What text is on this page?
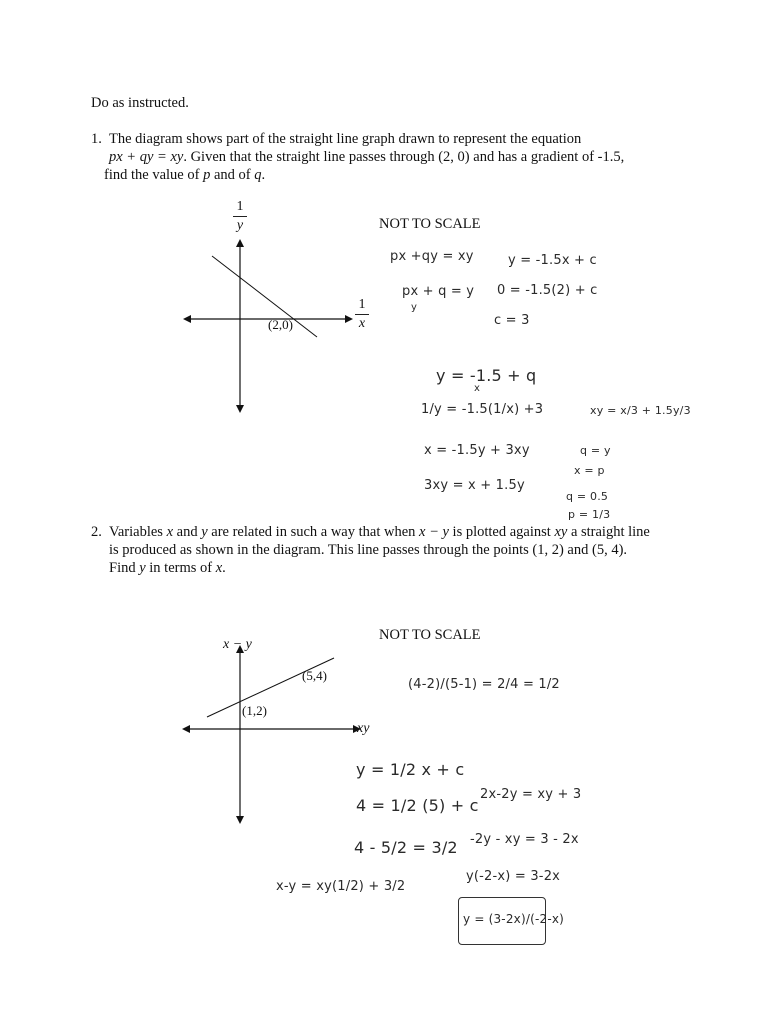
Do as instructed.
1. The diagram shows part of the straight line graph drawn to represent the equation
px + qy = xy. Given that the straight line passes through (2, 0) and has a gradient of -1.5,
find the value of p and of q.
1
y
1
x
(2,0)
NOT TO SCALE
px +qy = xy	y = -1.5x + c
px + q = y
y
0 = -1.5(2) + c
c = 3
y = -1.5 + q
x
1/y = -1.5(1/x) +3
x = -1.5y + 3xy
3xy = x + 1.5y
xy = x/3 + 1.5y/3
q = y
x = p
q = 0.5
p = 1/3
2. Variables x and y are related in such a way that when x − y is plotted against xy a straight line
is produced as shown in the diagram. This line passes through the points (1, 2) and (5, 4).
Find y in terms of x.
x − y
xy
(5,4)
(1,2)
NOT TO SCALE
(4-2)/(5-1) = 2/4 = 1/2
y = 1/2 x + c
4 = 1/2 (5) + c
4 - 5/2 = 3/2
x-y = xy(1/2) + 3/2
2x-2y = xy + 3
-2y - xy = 3 - 2x
y(-2-x) = 3-2x
y = (3-2x)/(-2-x)
